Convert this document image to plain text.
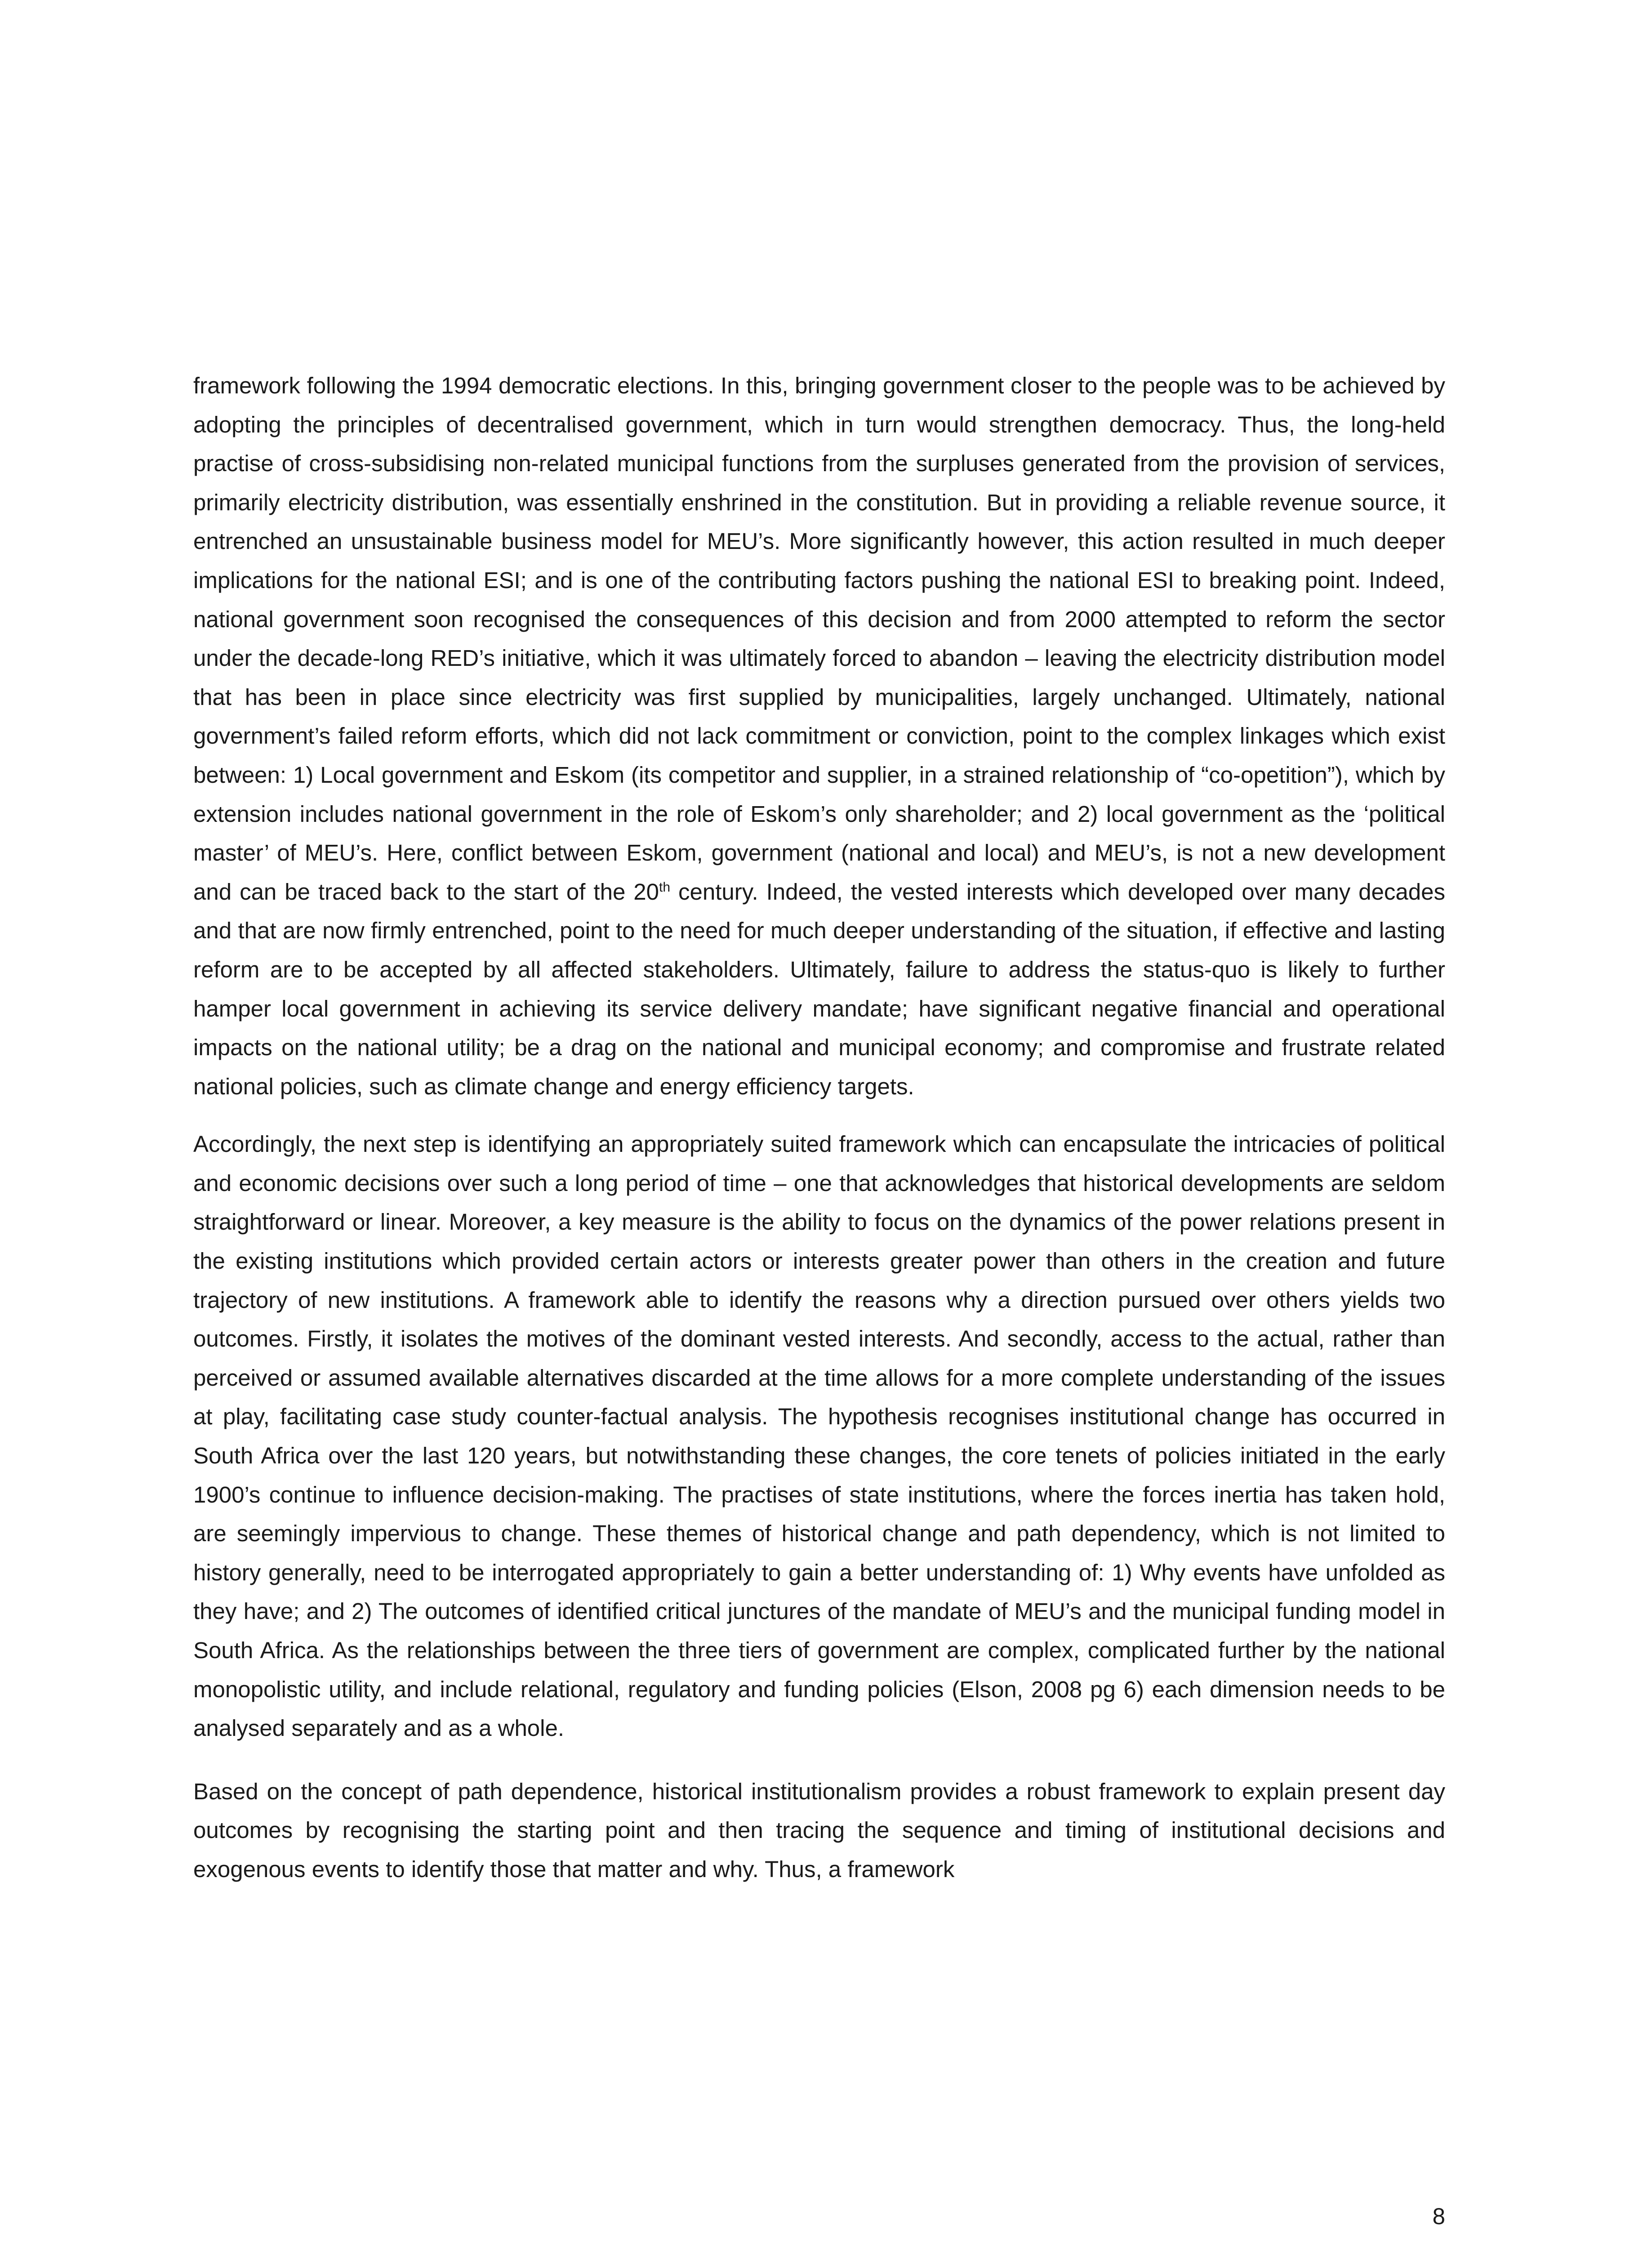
framework following the 1994 democratic elections. In this, bringing government closer to the people was to be achieved by adopting the principles of decentralised government, which in turn would strengthen democracy. Thus, the long-held practise of cross-subsidising non-related municipal functions from the surpluses generated from the provision of services, primarily electricity distribution, was essentially enshrined in the constitution. But in providing a reliable revenue source, it entrenched an unsustainable business model for MEU’s. More significantly however, this action resulted in much deeper implications for the national ESI; and is one of the contributing factors pushing the national ESI to breaking point. Indeed, national government soon recognised the consequences of this decision and from 2000 attempted to reform the sector under the decade-long RED’s initiative, which it was ultimately forced to abandon – leaving the electricity distribution model that has been in place since electricity was first supplied by municipalities, largely unchanged. Ultimately, national government’s failed reform efforts, which did not lack commitment or conviction, point to the complex linkages which exist between: 1) Local government and Eskom (its competitor and supplier, in a strained relationship of “co-opetition”), which by extension includes national government in the role of Eskom’s only shareholder; and 2) local government as the ‘political master’ of MEU’s. Here, conflict between Eskom, government (national and local) and MEU’s, is not a new development and can be traced back to the start of the 20th century. Indeed, the vested interests which developed over many decades and that are now firmly entrenched, point to the need for much deeper understanding of the situation, if effective and lasting reform are to be accepted by all affected stakeholders. Ultimately, failure to address the status-quo is likely to further hamper local government in achieving its service delivery mandate; have significant negative financial and operational impacts on the national utility; be a drag on the national and municipal economy; and compromise and frustrate related national policies, such as climate change and energy efficiency targets.

Accordingly, the next step is identifying an appropriately suited framework which can encapsulate the intricacies of political and economic decisions over such a long period of time – one that acknowledges that historical developments are seldom straightforward or linear. Moreover, a key measure is the ability to focus on the dynamics of the power relations present in the existing institutions which provided certain actors or interests greater power than others in the creation and future trajectory of new institutions. A framework able to identify the reasons why a direction pursued over others yields two outcomes. Firstly, it isolates the motives of the dominant vested interests. And secondly, access to the actual, rather than perceived or assumed available alternatives discarded at the time allows for a more complete understanding of the issues at play, facilitating case study counter-factual analysis. The hypothesis recognises institutional change has occurred in South Africa over the last 120 years, but notwithstanding these changes, the core tenets of policies initiated in the early 1900’s continue to influence decision-making. The practises of state institutions, where the forces inertia has taken hold, are seemingly impervious to change. These themes of historical change and path dependency, which is not limited to history generally, need to be interrogated appropriately to gain a better understanding of: 1) Why events have unfolded as they have; and 2) The outcomes of identified critical junctures of the mandate of MEU’s and the municipal funding model in South Africa. As the relationships between the three tiers of government are complex, complicated further by the national monopolistic utility, and include relational, regulatory and funding policies (Elson, 2008 pg 6) each dimension needs to be analysed separately and as a whole.

Based on the concept of path dependence, historical institutionalism provides a robust framework to explain present day outcomes by recognising the starting point and then tracing the sequence and timing of institutional decisions and exogenous events to identify those that matter and why. Thus, a framework

8
